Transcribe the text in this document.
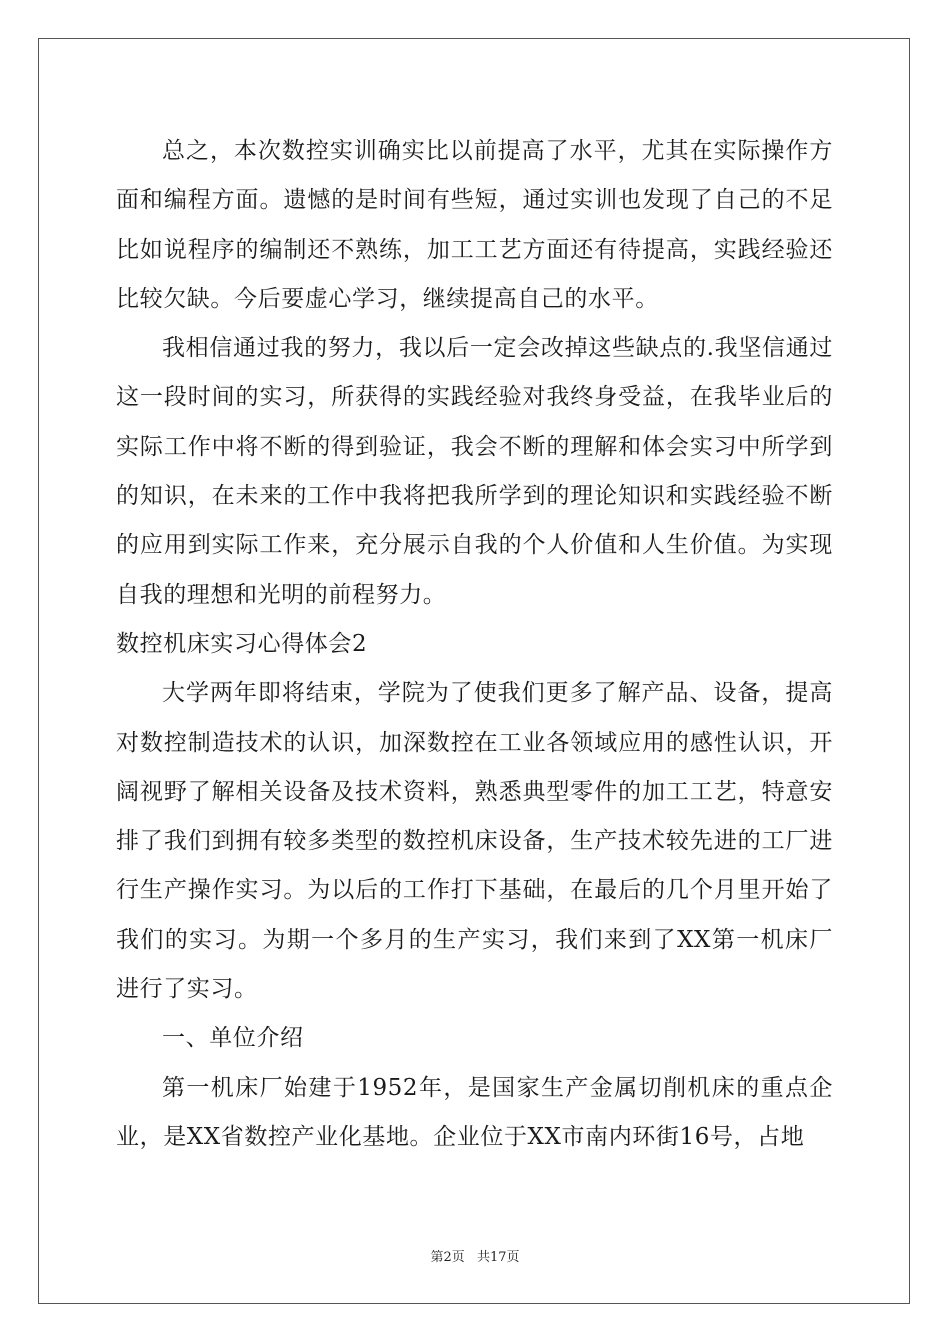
总之，本次数控实训确实比以前提高了水平，尤其在实际操作方面和编程方面。遗憾的是时间有些短，通过实训也发现了自己的不足比如说程序的编制还不熟练，加工工艺方面还有待提高，实践经验还比较欠缺。今后要虚心学习，继续提高自己的水平。

我相信通过我的努力，我以后一定会改掉这些缺点的.我坚信通过这一段时间的实习，所获得的实践经验对我终身受益，在我毕业后的实际工作中将不断的得到验证，我会不断的理解和体会实习中所学到的知识，在未来的工作中我将把我所学到的理论知识和实践经验不断的应用到实际工作来，充分展示自我的个人价值和人生价值。为实现自我的理想和光明的前程努力。

数控机床实习心得体会2

大学两年即将结束，学院为了使我们更多了解产品、设备，提高对数控制造技术的认识，加深数控在工业各领域应用的感性认识，开阔视野了解相关设备及技术资料，熟悉典型零件的加工工艺，特意安排了我们到拥有较多类型的数控机床设备，生产技术较先进的工厂进行生产操作实习。为以后的工作打下基础，在最后的几个月里开始了我们的实习。为期一个多月的生产实习，我们来到了XX第一机床厂进行了实习。

一、单位介绍

第一机床厂始建于1952年，是国家生产金属切削机床的重点企业，是XX省数控产业化基地。企业位于XX市南内环街16号，占地

第2页 共17页
